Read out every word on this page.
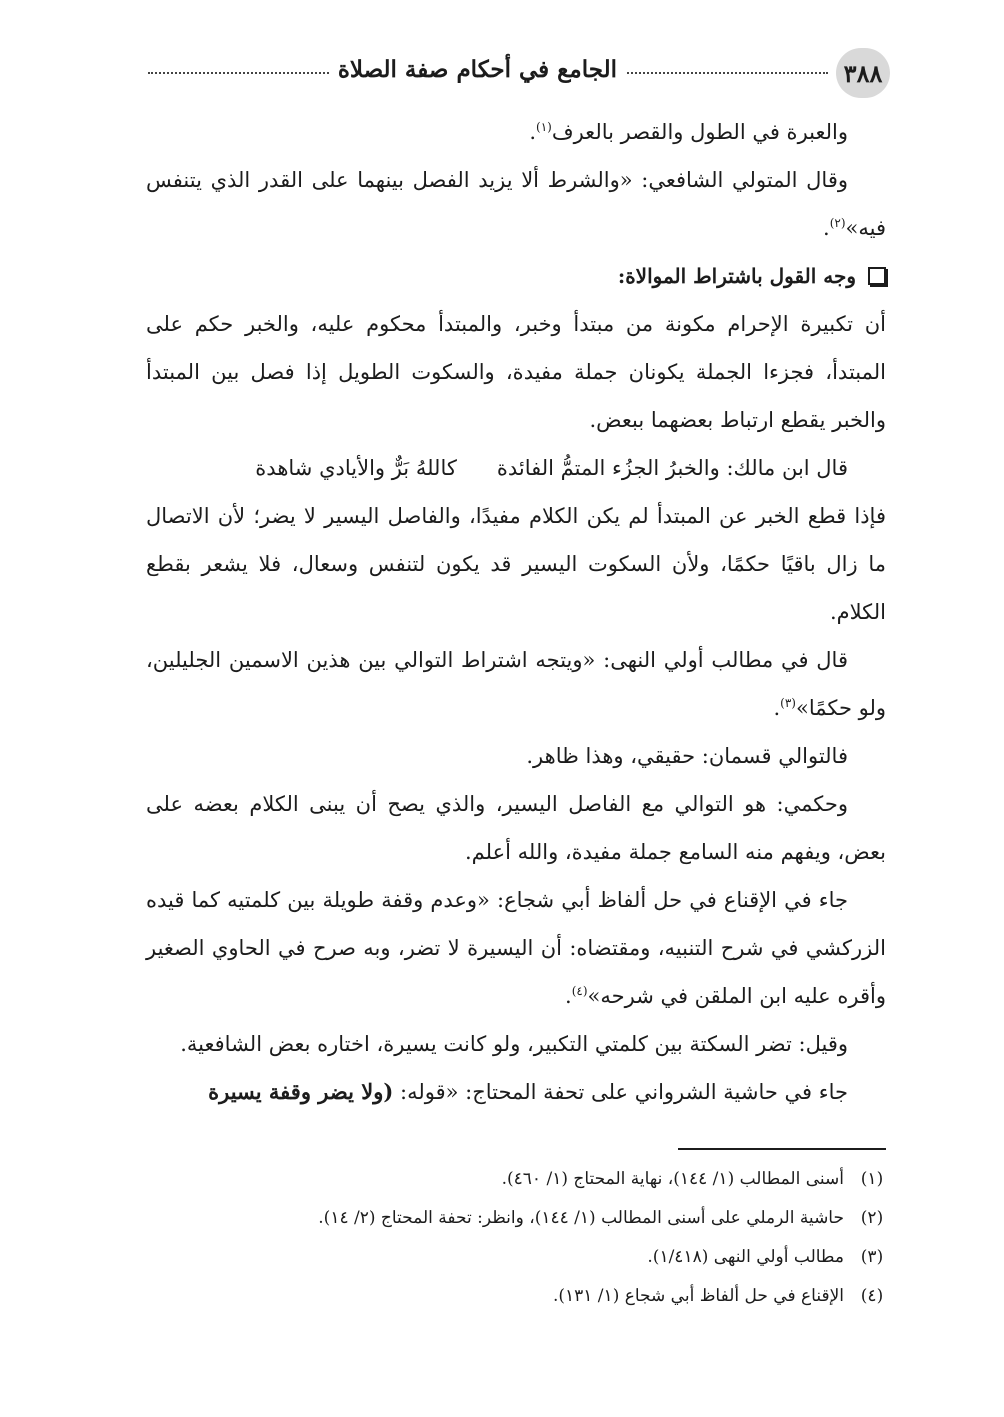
٣٨٨
الجامع في أحكام صفة الصلاة

والعبرة في الطول والقصر بالعرف$^{(١)}$.

وقال المتولي الشافعي: «والشرط ألا يزيد الفصل بينهما على القدر الذي يتنفس فيه»$^{(٢)}$.

وجه القول باشتراط الموالاة:

أن تكبيرة الإحرام مكونة من مبتدأ وخبر، والمبتدأ محكوم عليه، والخبر حكم على المبتدأ، فجزءا الجملة يكونان جملة مفيدة، والسكوت الطويل إذا فصل بين المبتدأ والخبر يقطع ارتباط بعضهما ببعض.

قال ابن مالك: والخبرُ الجزُء المتمُّ الفائدة
كاللهُ بَرٌّ والأيادي شاهدة

فإذا قطع الخبر عن المبتدأ لم يكن الكلام مفيدًا، والفاصل اليسير لا يضر؛ لأن الاتصال ما زال باقيًا حكمًا، ولأن السكوت اليسير قد يكون لتنفس وسعال، فلا يشعر بقطع الكلام.

قال في مطالب أولي النهى: «ويتجه اشتراط التوالي بين هذين الاسمين الجليلين، ولو حكمًا»$^{(٣)}$.

فالتوالي قسمان: حقيقي، وهذا ظاهر.

وحكمي: هو التوالي مع الفاصل اليسير، والذي يصح أن يبنى الكلام بعضه على بعض، ويفهم منه السامع جملة مفيدة، والله أعلم.

جاء في الإقناع في حل ألفاظ أبي شجاع: «وعدم وقفة طويلة بين كلمتيه كما قيده الزركشي في شرح التنبيه، ومقتضاه: أن اليسيرة لا تضر، وبه صرح في الحاوي الصغير وأقره عليه ابن الملقن في شرحه»$^{(٤)}$.

وقيل: تضر السكتة بين كلمتي التكبير، ولو كانت يسيرة، اختاره بعض الشافعية.

جاء في حاشية الشرواني على تحفة المحتاج: «قوله: (ولا يضر وقفة يسيرة

(١)
أسنى المطالب (١/ ١٤٤)، نهاية المحتاج (١/ ٤٦٠).

(٢)
حاشية الرملي على أسنى المطالب (١/ ١٤٤)، وانظر: تحفة المحتاج (٢/ ١٤).

(٣)
مطالب أولي النهى (١/٤١٨).

(٤)
الإقناع في حل ألفاظ أبي شجاع (١/ ١٣١).
